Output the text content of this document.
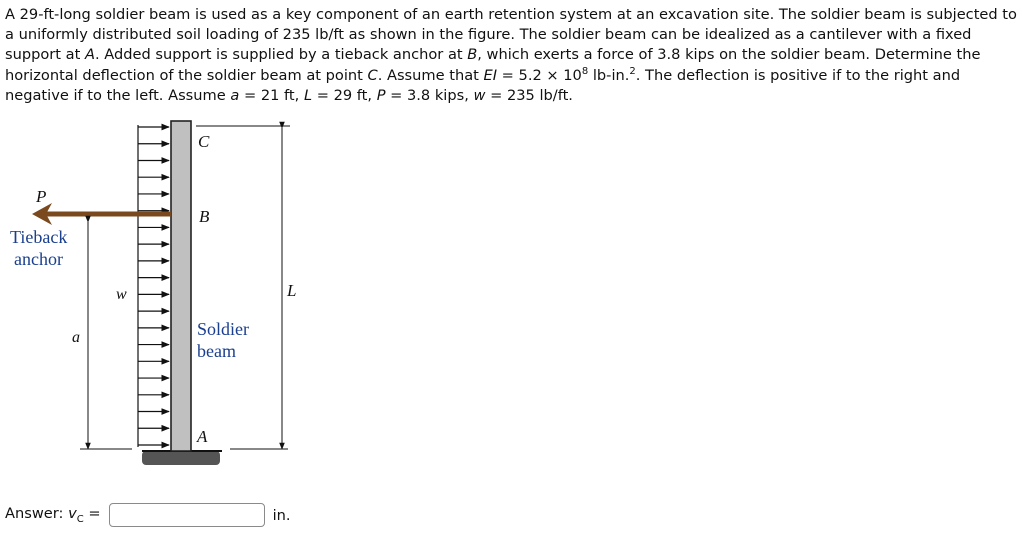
A 29-ft-long soldier beam is used as a key component of an earth retention system at an excavation site. The soldier beam is subjected to a uniformly distributed soil loading of 235 lb/ft as shown in the figure. The soldier beam can be idealized as a cantilever with a fixed support at A. Added support is supplied by a tieback anchor at B, which exerts a force of 3.8 kips on the soldier beam. Determine the horizontal deflection of the soldier beam at point C. Assume that EI = $5.2 \times 10^8$ lb-in.$^2$. The deflection is positive if to the right and negative if to the left. Assume a = 21 ft, L = 29 ft, P = 3.8 kips, w = 235 lb/ft.

C
B
A
P
w
a
L
Tieback
anchor
Soldier
beam
Answer: $v_C$ =	in.
